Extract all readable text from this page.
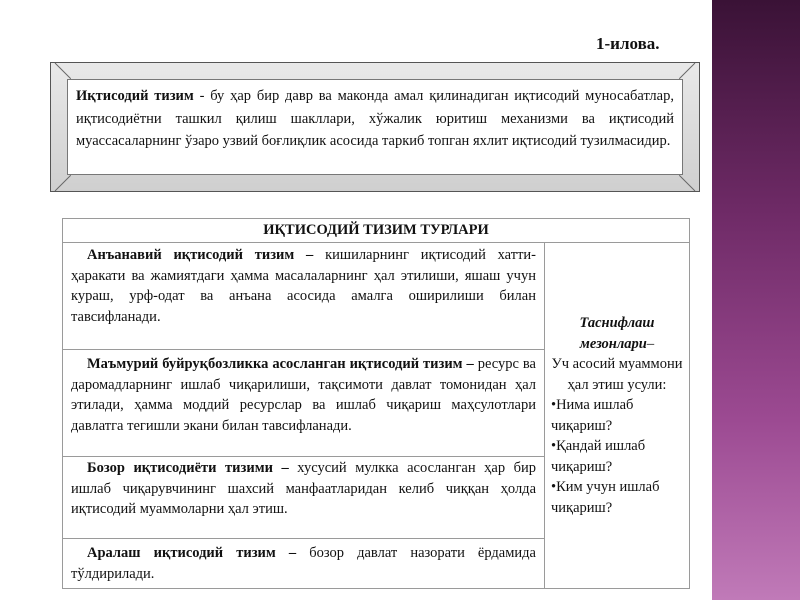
1-илова.
Иқтисодий тизим - бу ҳар бир давр ва маконда амал қилинадиган иқтисодий муносабатлар, иқтисодиётни ташкил қилиш шакллари, хўжалик юритиш механизми ва иқтисодий муассасаларнинг ўзаро узвий боғлиқлик асосида таркиб топган яхлит иқтисодий тузилмасидир.
ИҚТИСОДИЙ ТИЗИМ ТУРЛАРИ
Анъанавий иқтисодий тизим – кишиларнинг иқтисодий хатти-ҳаракати ва жамиятдаги ҳамма масалаларнинг ҳал этилиши, яшаш учун кураш, урф-одат ва анъана асосида амалга оширилиши билан тавсифланади.	Таснифлаш мезонлари–
Уч асосий муаммони ҳал этиш усули:
•Нима ишлаб чиқариш?
•Қандай ишлаб чиқариш?
•Ким учун ишлаб чиқариш?

Маъмурий буйруқбозликка асосланган иқтисодий тизим – ресурс ва даромадларнинг ишлаб чиқарилиши, тақсимоти давлат томонидан ҳал этилади, ҳамма моддий ресурслар ва ишлаб чиқариш маҳсулотлари давлатга тегишли экани билан тавсифланади.
Бозор иқтисодиёти тизими – хусусий мулкка асосланган ҳар бир ишлаб чиқарувчининг шахсий манфаатларидан келиб чиққан ҳолда иқтисодий муаммоларни ҳал этиш.
Аралаш иқтисодий тизим – бозор давлат назорати ёрдамида тўлдирилади.
